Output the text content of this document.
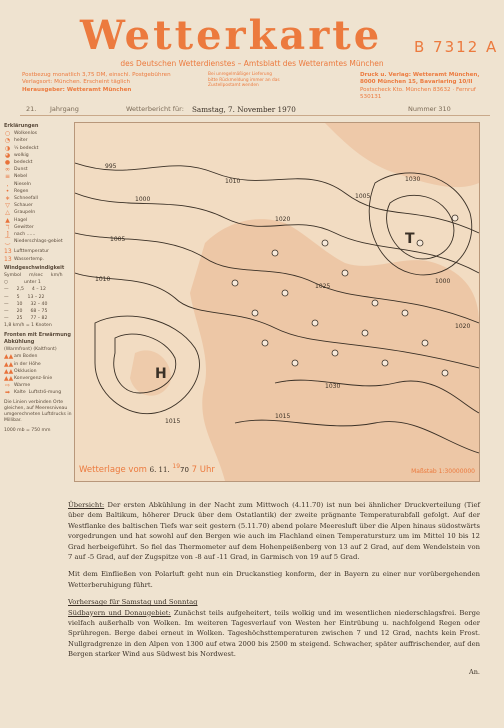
Wetterkarte B 7312 A
des Deutschen Wetterdienstes – Amtsblatt des Wetteramtes München
Postbezug monatlich 3,75 DM, einschl. Postgebühren
Verlagsort: München. Erscheint täglich
Herausgeber: Wetteramt München
Bei unregelmäßiger Lieferung
bitte Rückmeldung immer an das
Zustellpostamt wenden
Druck u. Verlag: Wetteramt München,
8000 München 15, Bavariaring 10/II
Postscheck Kto. München 83632 · Fernruf 530131
21. Jahrgang	Wetterbericht für: Samstag, 7. November 1970	Nummer 310
Erklärungen
○ Wolkenlos
◔ heiter
◑ ½ bedeckt
◕ wolkig
● bedeckt
∞ Dunst
≡ Nebel
,	Nieseln
•	Regen
∗ Schneefall
▽ Schauer
△ Graupeln
▲ Hagel
ℸ Gewitter
]	nach ......
⁐ Niederschlags-gebiet
13 Lufttemperatur
13 Wassertemp.
Windgeschwindigkeit
Symbol m/sec km/h
○	unter 1
— 2,5 4 – 12
— 5 13 – 22
— 10 32 – 40
— 20 68 – 75
— 25 77 – 82
1,8 km/h = 1 Knoten
Fronten mit Erwärmung Abkühlung
(Warmfront) (Kaltfront)
▲▲ am Boden
▲▲ in der Höhe
▲▲ Okklusion
▲▲ Konvergenz-linie
⇨ Warme
➡ Kalte Luftströ-mung
Die Linien verbinden Orte gleichen, auf Meeresniveau umgerechneten Luftdrucks in Millibar.
1000 mb = 750 mm
H
T
995
1000
1005
1010
1015
1020
1025
1030
1030
1015
1020
1010
1005
1000
Wetterlage vom 6. 11. $^{19}$70 7 Uhr	Maßstab 1:30000000

Übersicht: Der ersten Abkühlung in der Nacht zum Mittwoch (4.11.70) ist nun bei ähnlicher Druckverteilung (Tief über dem Baltikum, höherer Druck über dem Ostatlantik) der zweite prägnante Temperaturabfall gefolgt. Auf der Westflanke des baltischen Tiefs war seit gestern (5.11.70) abend polare Meeresluft über die Alpen hinaus südostwärts vorgedrungen und hat sowohl auf den Bergen wie auch im Flachland einen Temperatursturz um im Mittel 10 bis 12 Grad herbeigeführt. So fiel das Thermometer auf dem Hohenpeißenberg von 13 auf 2 Grad, auf dem Wendelstein von 7 auf -5 Grad, auf der Zugspitze von -8 auf -11 Grad, in Garmisch von 19 auf 5 Grad.

Mit dem Einfließen von Polarluft geht nun ein Druckanstieg konform, der in Bayern zu einer nur vorübergehenden Wetterberuhigung führt.

Vorhersage für Samstag und Sonntag

Südbayern und Donaugebiet: Zunächst teils aufgeheitert, teils wolkig und im wesentlichen niederschlagsfrei. Berge vielfach außerhalb von Wolken. Im weiteren Tagesverlauf von Westen her Eintrübung u. nachfolgend Regen oder Sprühregen. Berge dabei erneut in Wolken. Tageshöchsttemperaturen zwischen 7 und 12 Grad, nachts kein Frost. Nullgradgrenze in den Alpen von 1300 auf etwa 2000 bis 2500 m steigend. Schwacher, später auffrischender, auf den Bergen starker Wind aus Südwest bis Nordwest.

An.
